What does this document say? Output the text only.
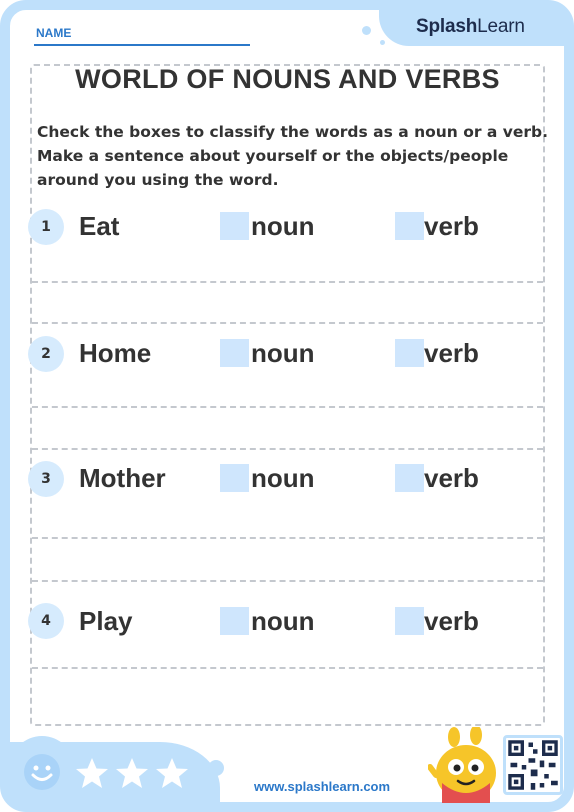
SplashLearn
NAME
WORLD OF NOUNS AND VERBS
Check the boxes to classify the words as a noun or a verb.
Make a sentence about yourself or the objects/people
around you using the word.
1	Eat	noun	verb
2	Home	noun	verb
3	Mother	noun	verb
4	Play	noun	verb
www.splashlearn.com
